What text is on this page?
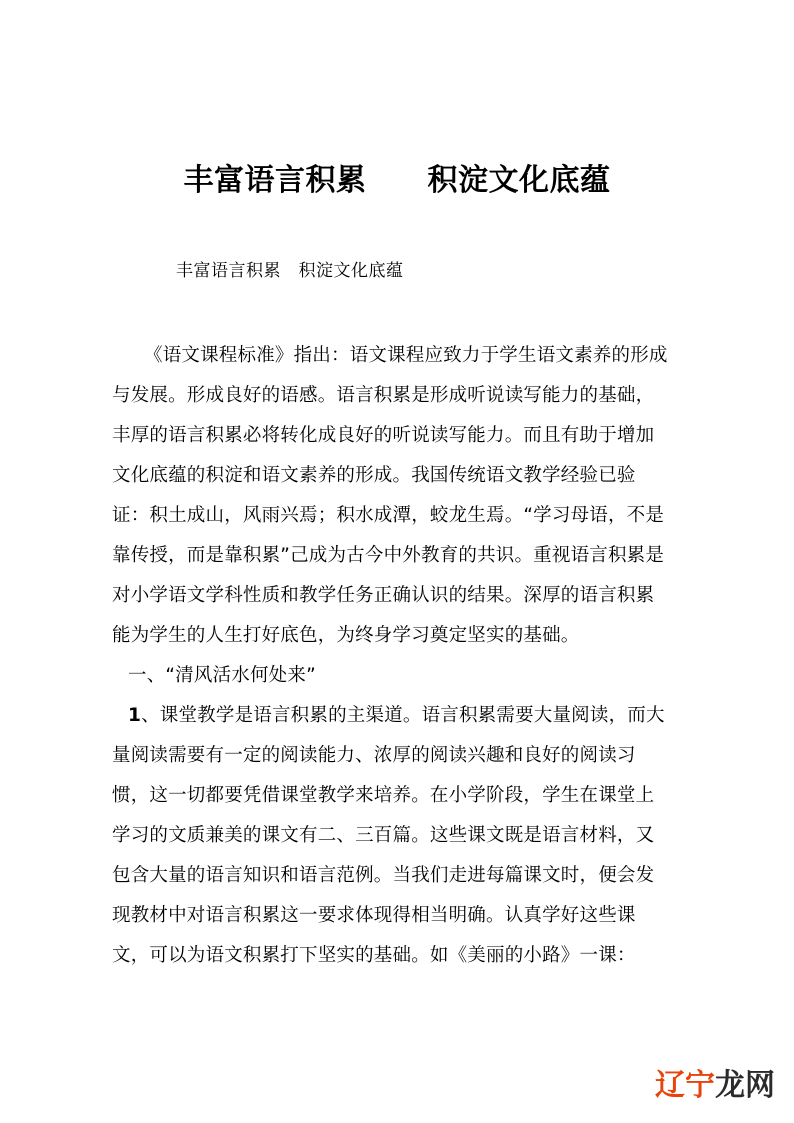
丰富语言积累　　积淀文化底蕴
丰富语言积累　积淀文化底蕴
《语文课程标准》指出：语文课程应致力于学生语文素养的形成
与发展。形成良好的语感。语言积累是形成听说读写能力的基础，
丰厚的语言积累必将转化成良好的听说读写能力。而且有助于增加
文化底蕴的积淀和语文素养的形成。我国传统语文教学经验已验
证：积土成山，风雨兴焉；积水成潭，蛟龙生焉。“学习母语，不是
靠传授，而是靠积累”己成为古今中外教育的共识。重视语言积累是
对小学语文学科性质和教学任务正确认识的结果。深厚的语言积累
能为学生的人生打好底色，为终身学习奠定坚实的基础。
一、“清风活水何处来”
1、课堂教学是语言积累的主渠道。语言积累需要大量阅读，而大
量阅读需要有一定的阅读能力、浓厚的阅读兴趣和良好的阅读习
惯，这一切都要凭借课堂教学来培养。在小学阶段，学生在课堂上
学习的文质兼美的课文有二、三百篇。这些课文既是语言材料，又
包含大量的语言知识和语言范例。当我们走进每篇课文时，便会发
现教材中对语言积累这一要求体现得相当明确。认真学好这些课
文，可以为语文积累打下坚实的基础。如《美丽的小路》一课：
辽宁龙网
